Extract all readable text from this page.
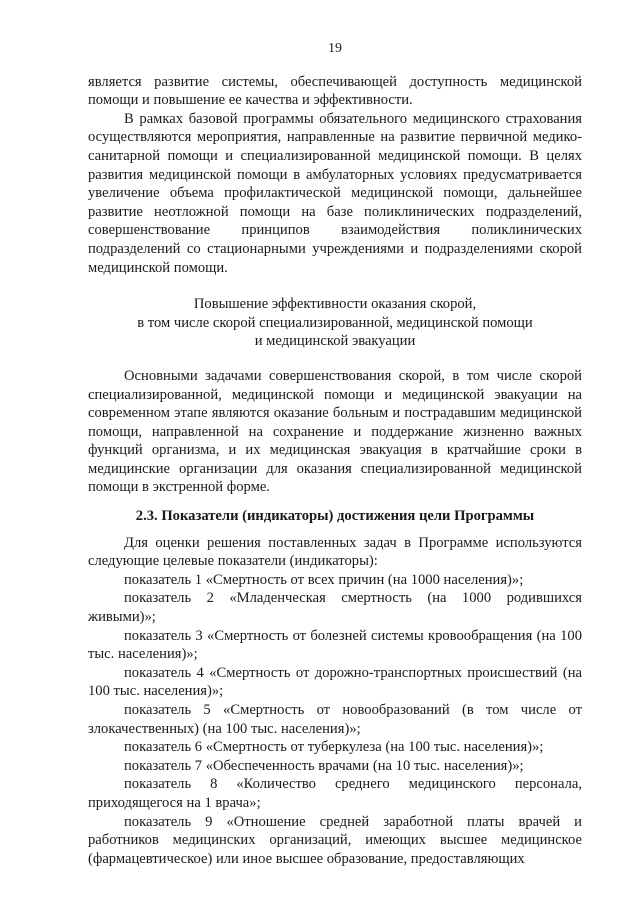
19

является развитие системы, обеспечивающей доступность медицинской помощи и повышение ее качества и эффективности.

В рамках базовой программы обязательного медицинского страхования осуществляются мероприятия, направленные на развитие первичной медико-санитарной помощи и специализированной медицинской помощи. В целях развития медицинской помощи в амбулаторных условиях предусматривается увеличение объема профилактической медицинской помощи, дальнейшее развитие неотложной помощи на базе поликлинических подразделений, совершенствование принципов взаимодействия поликлинических подразделений со стационарными учреждениями и подразделениями скорой медицинской помощи.

Повышение эффективности оказания скорой,

в том числе скорой специализированной, медицинской помощи

и медицинской эвакуации

Основными задачами совершенствования скорой, в том числе скорой специализированной, медицинской помощи и медицинской эвакуации на современном этапе являются оказание больным и пострадавшим медицинской помощи, направленной на сохранение и поддержание жизненно важных функций организма, и их медицинская эвакуация в кратчайшие сроки в медицинские организации для оказания специализированной медицинской помощи в экстренной форме.

2.3. Показатели (индикаторы) достижения цели Программы

Для оценки решения поставленных задач в Программе используются следующие целевые показатели (индикаторы):

показатель 1 «Смертность от всех причин (на 1000 населения)»;

показатель 2 «Младенческая смертность (на 1000 родившихся живыми)»;

показатель 3 «Смертность от болезней системы кровообращения (на 100 тыс. населения)»;

показатель 4 «Смертность от дорожно-транспортных происшествий (на 100 тыс. населения)»;

показатель 5 «Смертность от новообразований (в том числе от злокачественных) (на 100 тыс. населения)»;

показатель 6 «Смертность от туберкулеза (на 100 тыс. населения)»;

показатель 7 «Обеспеченность врачами (на 10 тыс. населения)»;

показатель 8 «Количество среднего медицинского персонала, приходящегося на 1 врача»;

показатель 9 «Отношение средней заработной платы врачей и работников медицинских организаций, имеющих высшее медицинское (фармацевтическое) или иное высшее образование, предоставляющих
